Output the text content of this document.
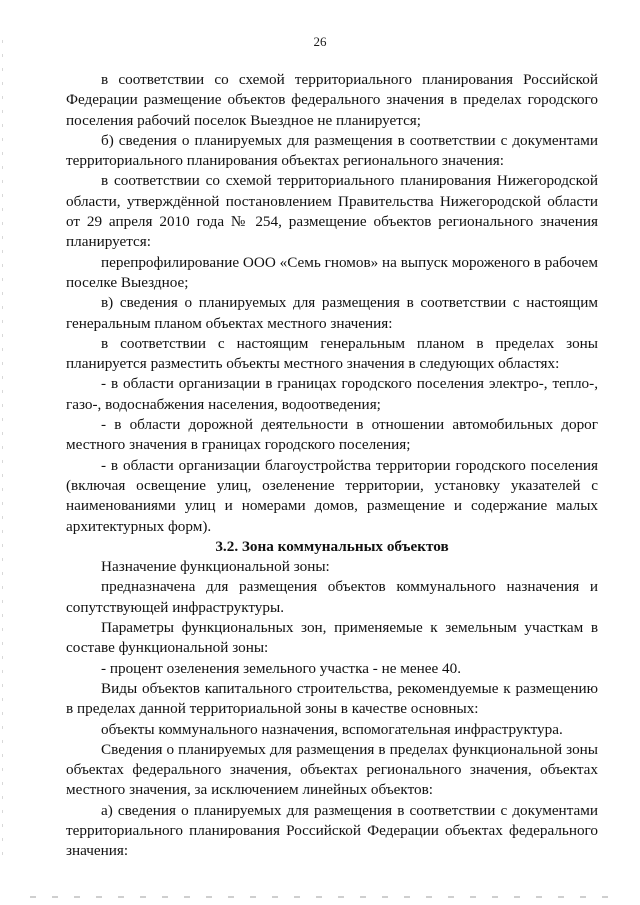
26

в соответствии со схемой территориального планирования Российской Федерации размещение объектов федерального значения в пределах городского поселения рабочий поселок Выездное не планируется;

б) сведения о планируемых для размещения в соответствии с документами территориального планирования объектах регионального значения:

в соответствии со схемой территориального планирования Нижегородской области, утверждённой постановлением Правительства Нижегородской области от 29 апреля 2010 года № 254, размещение объектов регионального значения планируется:

перепрофилирование ООО «Семь гномов» на выпуск мороженого в рабочем поселке Выездное;

в) сведения о планируемых для размещения в соответствии с настоящим генеральным планом объектах местного значения:

в соответствии с настоящим генеральным планом в пределах зоны планируется разместить объекты местного значения в следующих областях:

- в области организации в границах городского поселения электро-, тепло-, газо-, водоснабжения населения, водоотведения;

- в области дорожной деятельности в отношении автомобильных дорог местного значения в границах городского поселения;

- в области организации благоустройства территории городского поселения (включая освещение улиц, озеленение территории, установку указателей с наименованиями улиц и номерами домов, размещение и содержание малых архитектурных форм).

3.2. Зона коммунальных объектов

Назначение функциональной зоны:

предназначена для размещения объектов коммунального назначения и сопутствующей инфраструктуры.

Параметры функциональных зон, применяемые к земельным участкам в составе функциональной зоны:

- процент озеленения земельного участка - не менее 40.

Виды объектов капитального строительства, рекомендуемые к размещению в пределах данной территориальной зоны в качестве основных:

объекты коммунального назначения, вспомогательная инфраструктура.

Сведения о планируемых для размещения в пределах функциональной зоны объектах федерального значения, объектах регионального значения, объектах местного значения, за исключением линейных объектов:

а) сведения о планируемых для размещения в соответствии с документами территориального планирования Российской Федерации объектах федерального значения:
